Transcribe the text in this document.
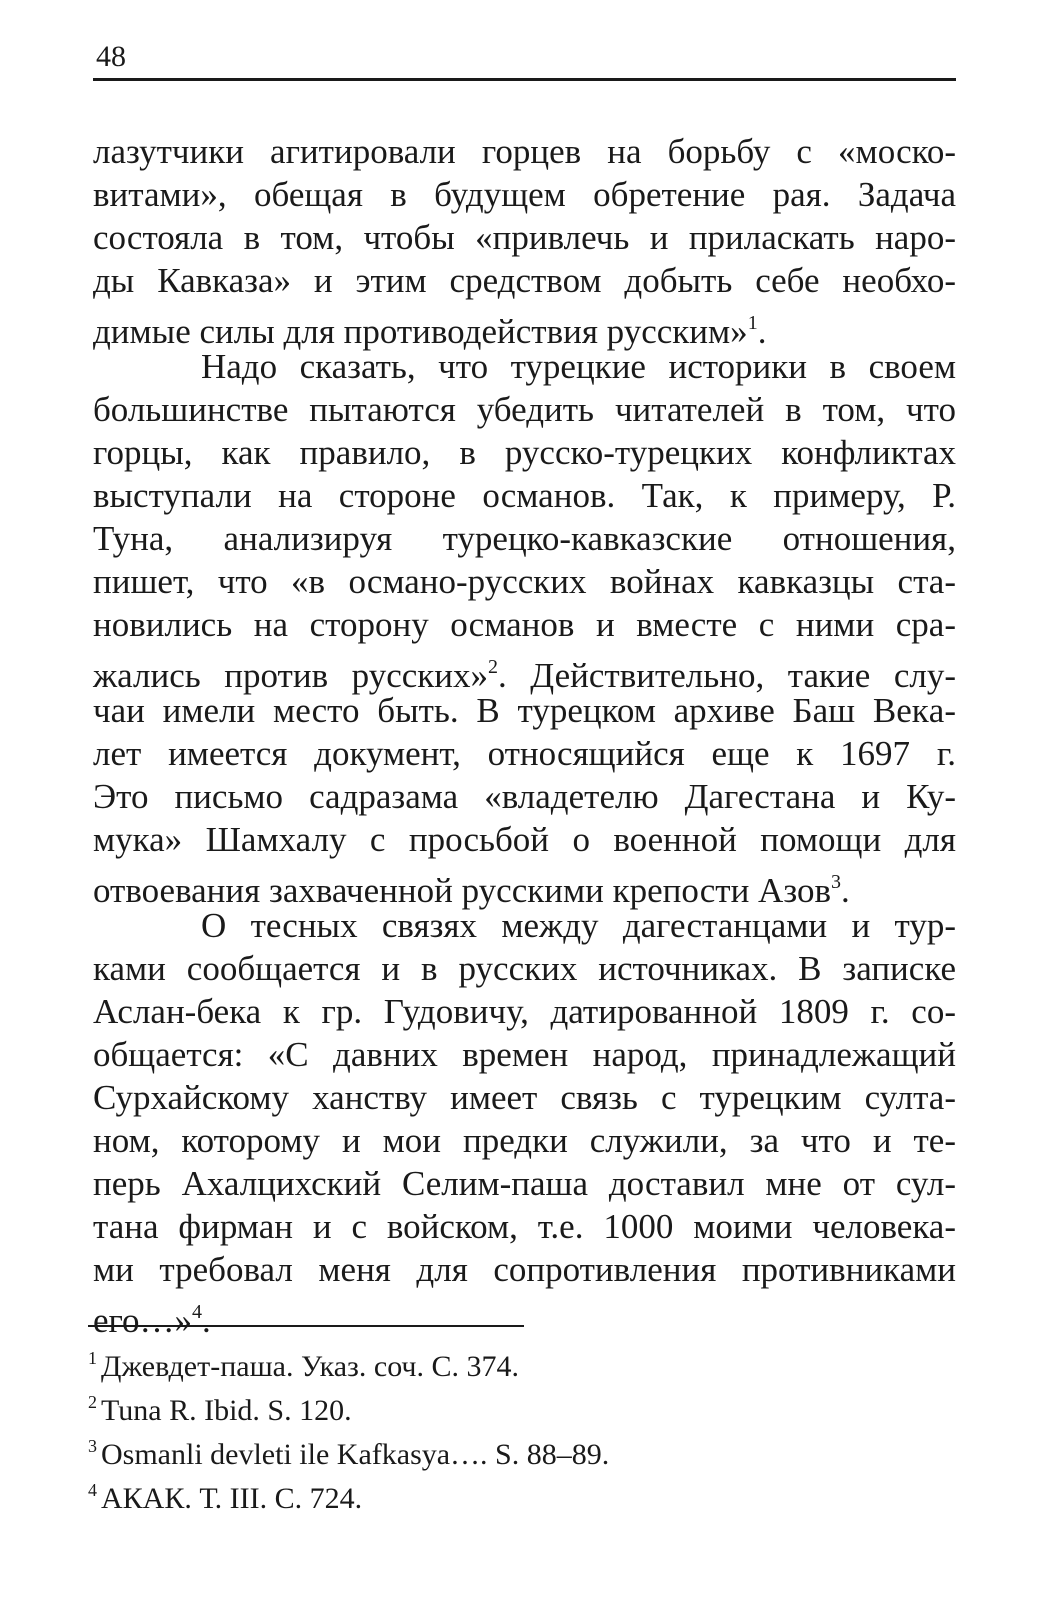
48
лазутчики агитировали горцев на борьбу с «моско-
витами», обещая в будущем обретение рая. Задача
состояла в том, чтобы «привлечь и приласкать наро-
ды Кавказа» и этим средством добыть себе необхо-
димые силы для противодействия русским»$^1$.
Надо сказать, что турецкие историки в своем
большинстве пытаются убедить читателей в том, что
горцы, как правило, в русско-турецких конфликтах
выступали на стороне османов. Так, к примеру, Р.
Туна, анализируя турецко-кавказские отношения,
пишет, что «в османо-русских войнах кавказцы ста-
новились на сторону османов и вместе с ними сра-
жались против русских»$^2$. Действительно, такие слу-
чаи имели место быть. В турецком архиве Баш Векa-
лет имеется документ, относящийся еще к 1697 г.
Это письмо садразама «владетелю Дагестана и Ку-
мука» Шамхалу с просьбой о военной помощи для
отвоевания захваченной русскими крепости Азов$^3$.
О тесных связях между дагестанцами и тур-
ками сообщается и в русских источниках. В записке
Аслан-бека к гр. Гудовичу, датированной 1809 г. со-
общается: «С давних времен народ, принадлежащий
Сурхайскому ханству имеет связь с турецким султа-
ном, которому и мои предки служили, за что и те-
перь Ахалцихский Селим-паша доставил мне от сул-
тана фирман и с войском, т.е. 1000 моими человека-
ми требовал меня для сопротивления противниками
его…»$^4$.
$^1$ Джевдет-паша. Указ. соч. С. 374.
$^2$ Tuna R. Ibid. S. 120.
$^3$ Osmanli devleti ile Kafkasya…. S. 88–89.
$^4$ АКАК. Т. III. С. 724.
